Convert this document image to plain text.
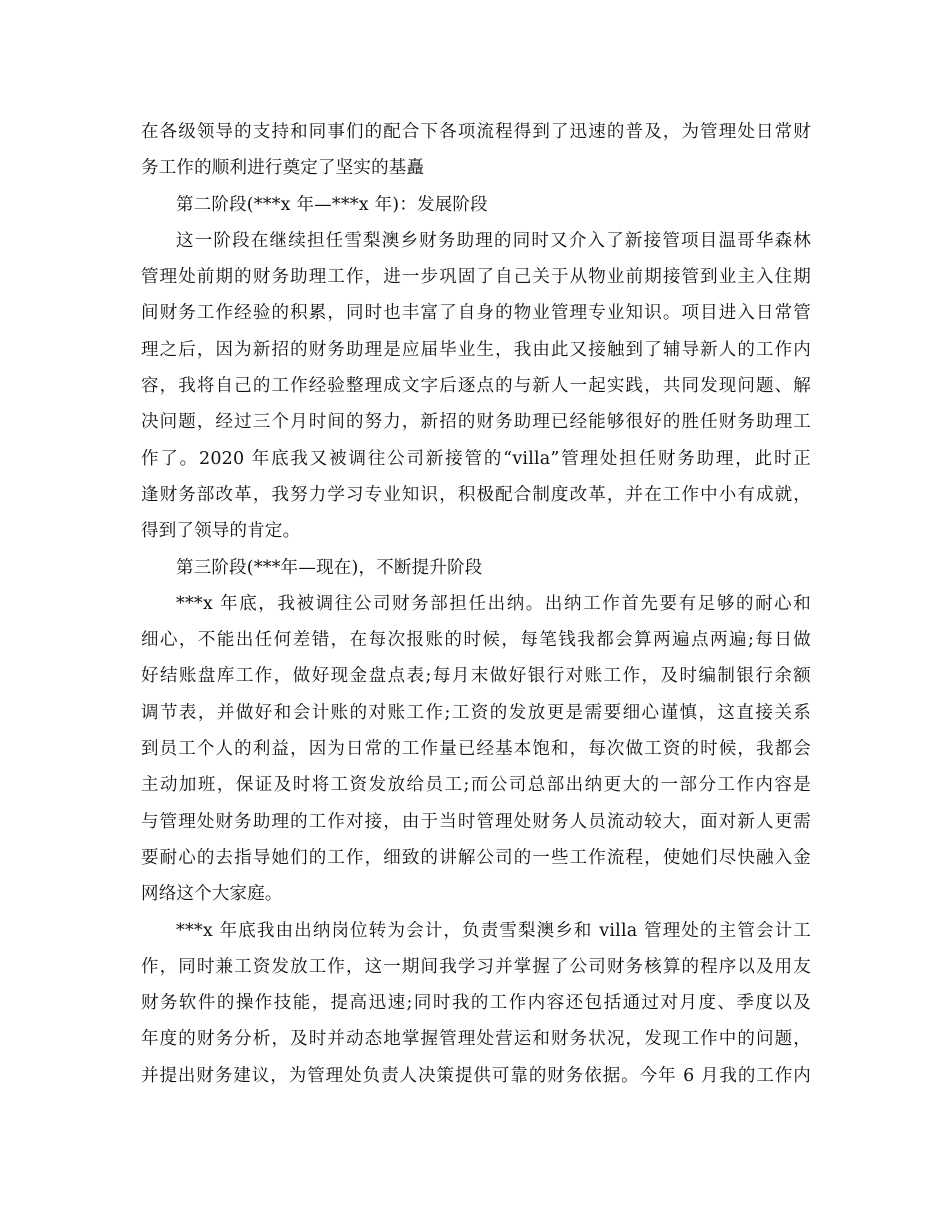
在各级领导的支持和同事们的配合下各项流程得到了迅速的普及，为管理处日常财
务工作的顺利进行奠定了坚实的基矗
第二阶段(***x 年—***x 年)：发展阶段
这一阶段在继续担任雪梨澳乡财务助理的同时又介入了新接管项目温哥华森林
管理处前期的财务助理工作，进一步巩固了自己关于从物业前期接管到业主入住期
间财务工作经验的积累，同时也丰富了自身的物业管理专业知识。项目进入日常管
理之后，因为新招的财务助理是应届毕业生，我由此又接触到了辅导新人的工作内
容，我将自己的工作经验整理成文字后逐点的与新人一起实践，共同发现问题、解
决问题，经过三个月时间的努力，新招的财务助理已经能够很好的胜任财务助理工
作了。2020 年底我又被调往公司新接管的“villa”管理处担任财务助理，此时正
逢财务部改革，我努力学习专业知识，积极配合制度改革，并在工作中小有成就，
得到了领导的肯定。
第三阶段(***年—现在)，不断提升阶段
***x 年底，我被调往公司财务部担任出纳。出纳工作首先要有足够的耐心和
细心，不能出任何差错，在每次报账的时候，每笔钱我都会算两遍点两遍;每日做
好结账盘库工作，做好现金盘点表;每月末做好银行对账工作，及时编制银行余额
调节表，并做好和会计账的对账工作;工资的发放更是需要细心谨慎，这直接关系
到员工个人的利益，因为日常的工作量已经基本饱和，每次做工资的时候，我都会
主动加班，保证及时将工资发放给员工;而公司总部出纳更大的一部分工作内容是
与管理处财务助理的工作对接，由于当时管理处财务人员流动较大，面对新人更需
要耐心的去指导她们的工作，细致的讲解公司的一些工作流程，使她们尽快融入金
网络这个大家庭。
***x 年底我由出纳岗位转为会计，负责雪梨澳乡和 villa 管理处的主管会计工
作，同时兼工资发放工作，这一期间我学习并掌握了公司财务核算的程序以及用友
财务软件的操作技能，提高迅速;同时我的工作内容还包括通过对月度、季度以及
年度的财务分析，及时并动态地掌握管理处营运和财务状况，发现工作中的问题，
并提出财务建议，为管理处负责人决策提供可靠的财务依据。今年 6 月我的工作内
